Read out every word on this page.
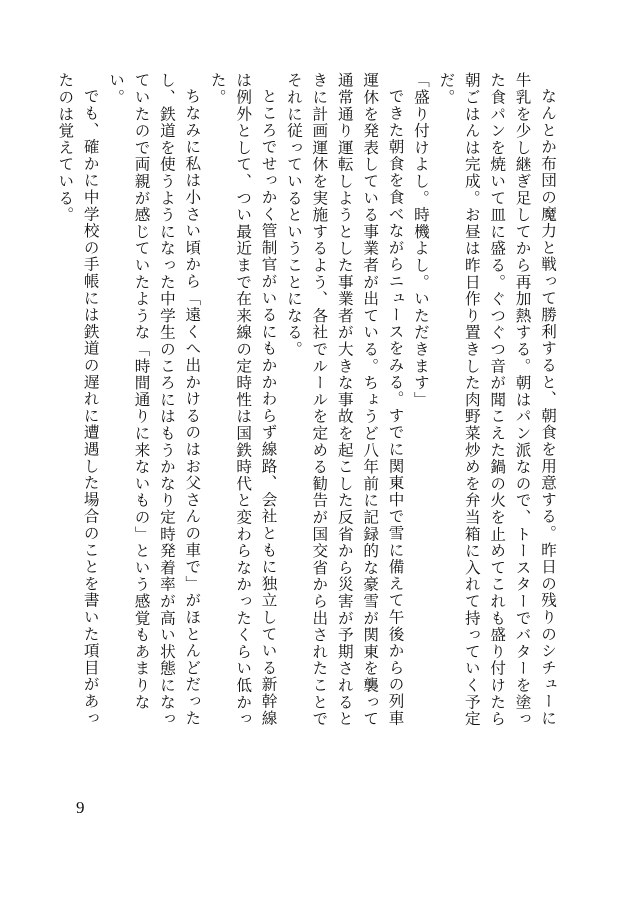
なんとか布団の魔力と戦って勝利すると、朝食を用意する。昨日の残りのシチューに牛乳を少し継ぎ足してから再加熱する。朝はパン派なので、トースターでバターを塗った食パンを焼いて皿に盛る。ぐつぐつ音が聞こえた鍋の火を止めてこれも盛り付けたら朝ごはんは完成。お昼は昨日作り置きした肉野菜炒めを弁当箱に入れて持っていく予定だ。

「盛り付けよし。時機よし。いただきます」

できた朝食を食べながらニュースをみる。すでに関東中で雪に備えて午後からの列車運休を発表している事業者が出ている。ちょうど八年前に記録的な豪雪が関東を襲って通常通り運転しようとした事業者が大きな事故を起こした反省から災害が予期されるときに計画運休を実施するよう、各社でルールを定める勧告が国交省から出されたことでそれに従っているということになる。

ところでせっかく管制官がいるにもかかわらず線路、会社ともに独立している新幹線は例外として、つい最近まで在来線の定時性は国鉄時代と変わらなかったくらい低かった。

ちなみに私は小さい頃から「遠くへ出かけるのはお父さんの車で」がほとんどだったし、鉄道を使うようになった中学生のころにはもうかなり定時発着率が高い状態になっていたので両親が感じていたような「時間通りに来ないもの」という感覚もあまりない。

でも、確かに中学校の手帳には鉄道の遅れに遭遇した場合のことを書いた項目があったのは覚えている。

9
